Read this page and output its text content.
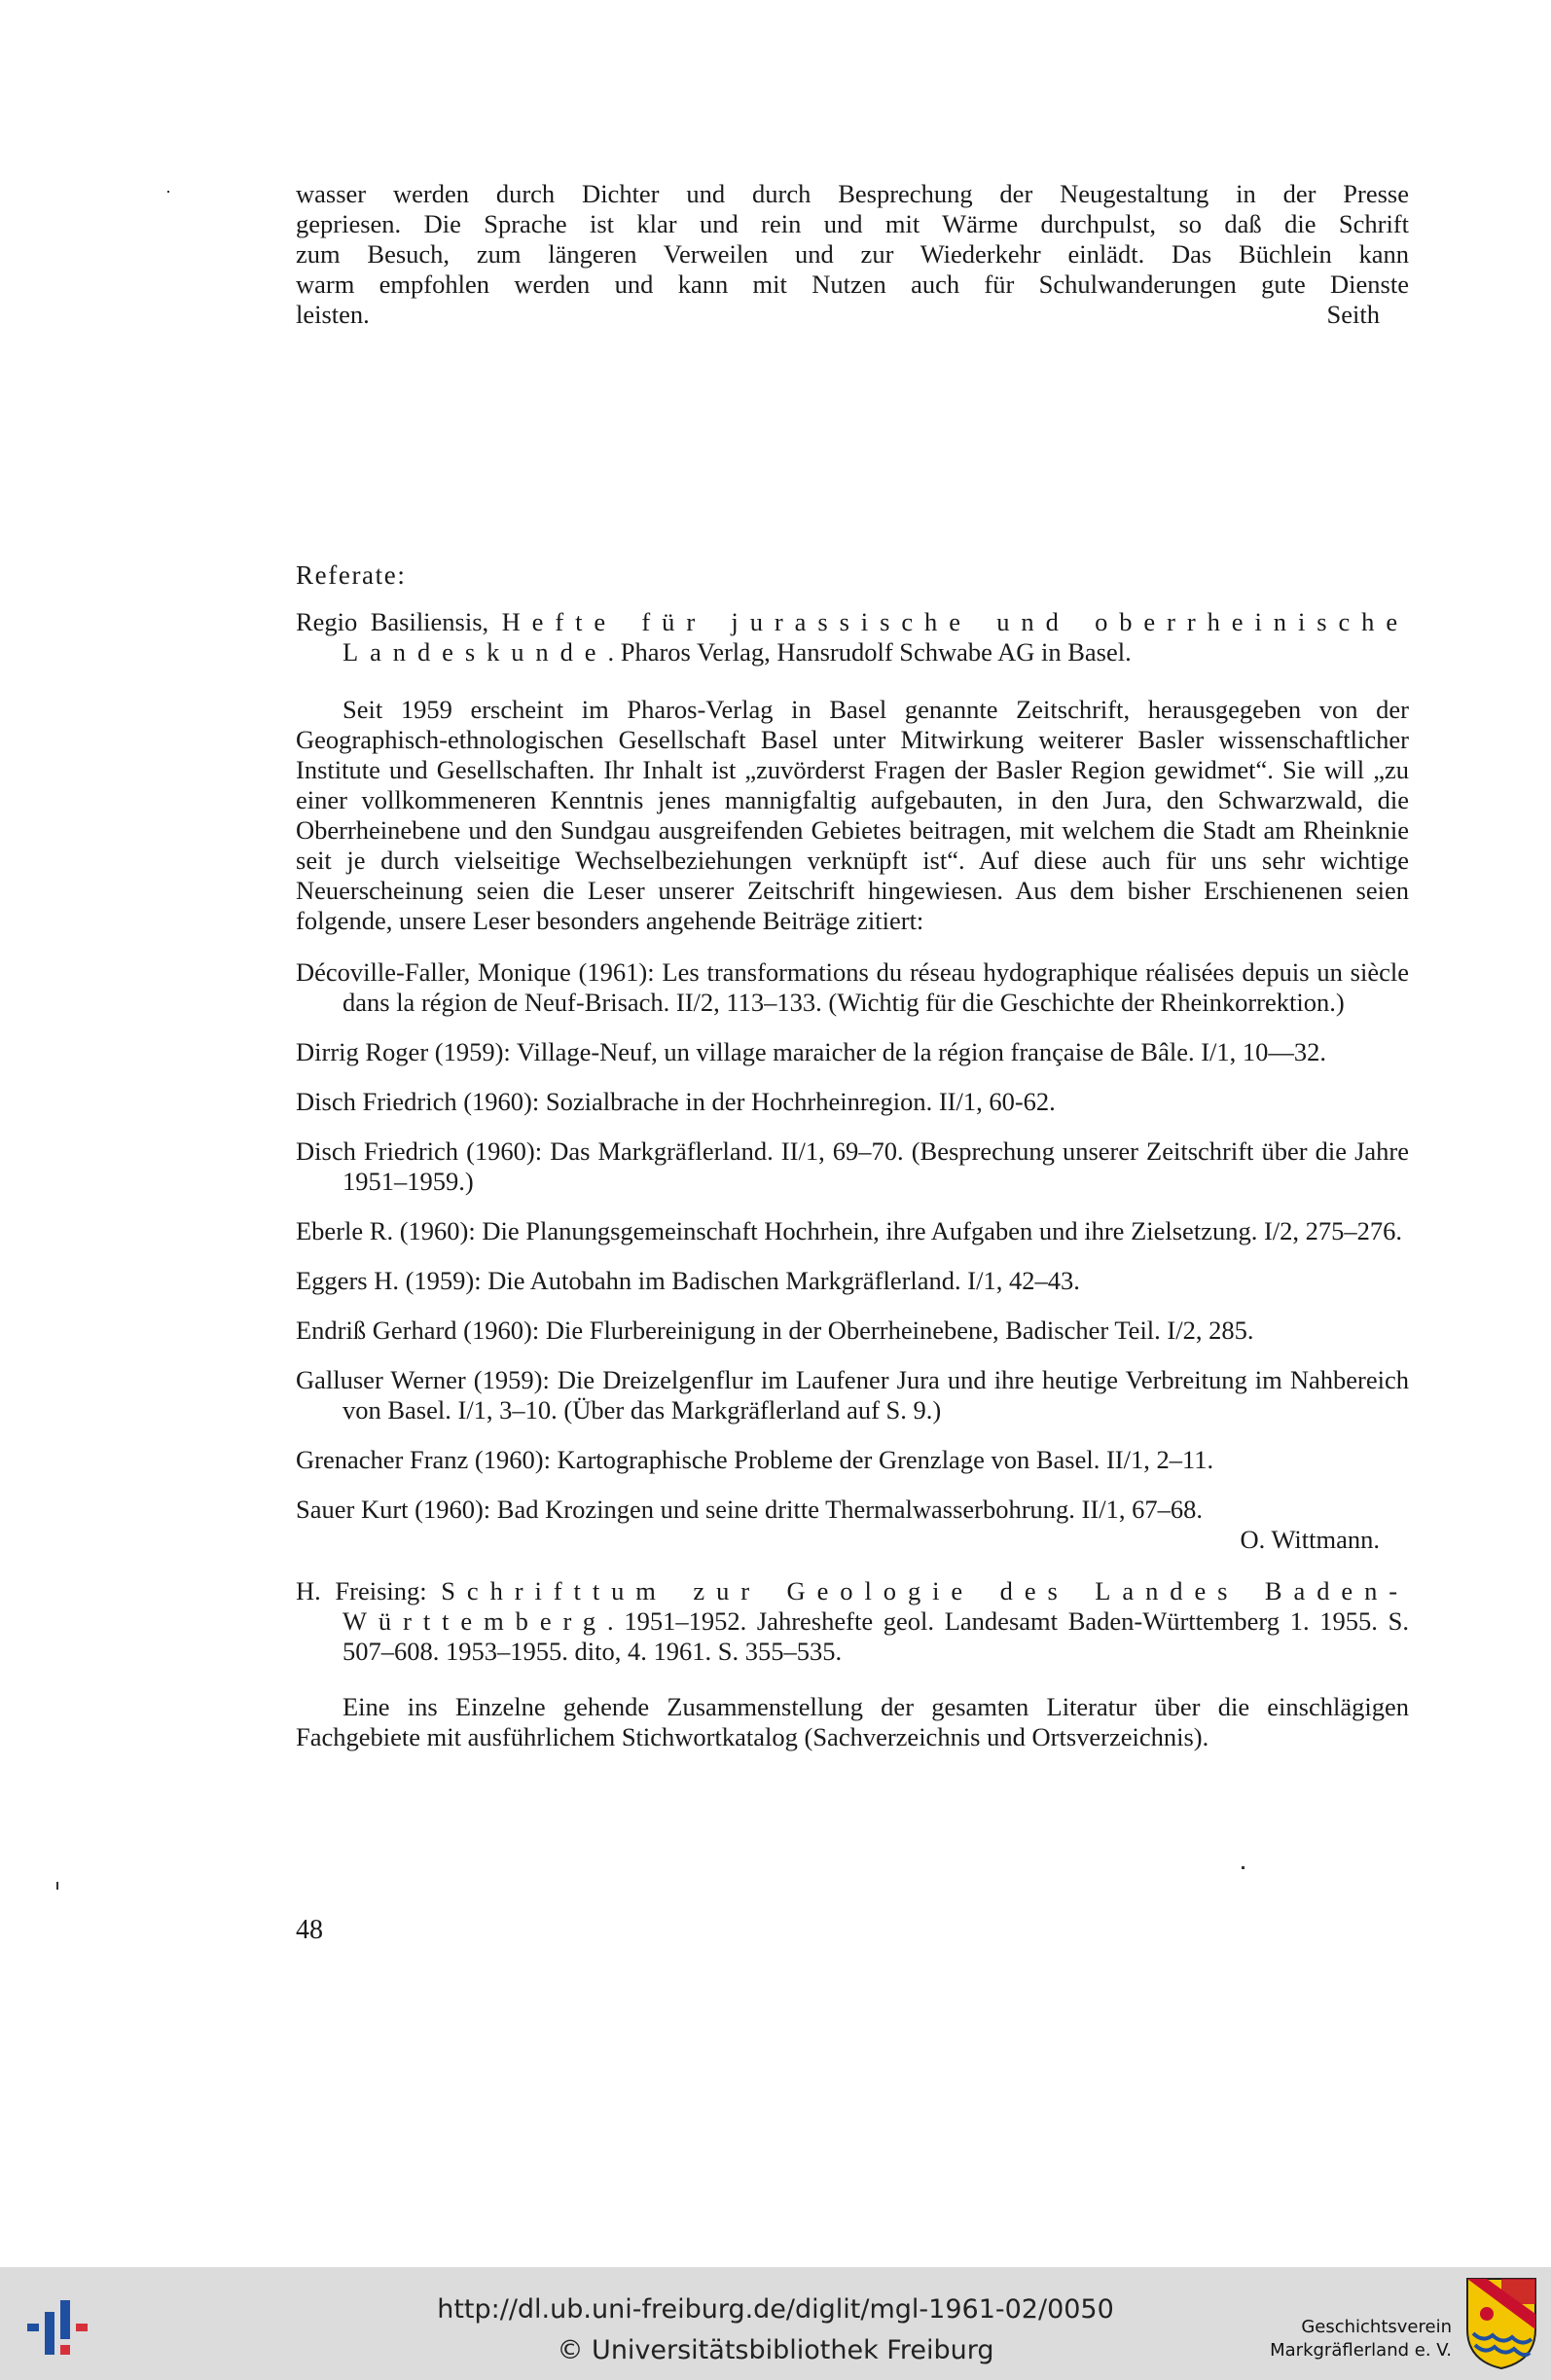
wasser werden durch Dichter und durch Besprechung der Neugestaltung in der Presse
gepriesen. Die Sprache ist klar und rein und mit Wärme durchpulst, so daß die Schrift
zum Besuch, zum längeren Verweilen und zur Wiederkehr einlädt. Das Büchlein kann
warm empfohlen werden und kann mit Nutzen auch für Schulwanderungen gute Dienste
leisten.	Seith
Referate:

Regio Basiliensis, Hefte für jurassische und oberrheinische Landeskunde. Pharos Verlag, Hansrudolf Schwabe AG in Basel.

Seit 1959 erscheint im Pharos-Verlag in Basel genannte Zeitschrift, herausgegeben von der Geographisch-ethnologischen Gesellschaft Basel unter Mitwirkung weiterer Basler wissenschaftlicher Institute und Gesellschaften. Ihr Inhalt ist „zuvörderst Fragen der Basler Region gewidmet“. Sie will „zu einer vollkommeneren Kenntnis jenes mannigfaltig aufgebauten, in den Jura, den Schwarzwald, die Oberrheinebene und den Sundgau ausgreifenden Gebietes beitragen, mit welchem die Stadt am Rheinknie seit je durch vielseitige Wechselbeziehungen verknüpft ist“. Auf diese auch für uns sehr wichtige Neuerscheinung seien die Leser unserer Zeitschrift hingewiesen. Aus dem bisher Erschienenen seien folgende, unsere Leser besonders angehende Beiträge zitiert:

Décoville-Faller, Monique (1961): Les transformations du réseau hydographique réalisées depuis un siècle dans la région de Neuf-Brisach. II/2, 113–133. (Wichtig für die Geschichte der Rheinkorrektion.)

Dirrig Roger (1959): Village-Neuf, un village maraicher de la région française de Bâle. I/1, 10—32.

Disch Friedrich (1960): Sozialbrache in der Hochrheinregion. II/1, 60-62.

Disch Friedrich (1960): Das Markgräflerland. II/1, 69–70. (Besprechung unserer Zeitschrift über die Jahre 1951–1959.)

Eberle R. (1960): Die Planungsgemeinschaft Hochrhein, ihre Aufgaben und ihre Zielsetzung. I/2, 275–276.

Eggers H. (1959): Die Autobahn im Badischen Markgräflerland. I/1, 42–43.

Endriß Gerhard (1960): Die Flurbereinigung in der Oberrheinebene, Badischer Teil. I/2, 285.

Galluser Werner (1959): Die Dreizelgenflur im Laufener Jura und ihre heutige Verbreitung im Nahbereich von Basel. I/1, 3–10. (Über das Markgräflerland auf S. 9.)

Grenacher Franz (1960): Kartographische Probleme der Grenzlage von Basel. II/1, 2–11.

Sauer Kurt (1960): Bad Krozingen und seine dritte Thermalwasserbohrung. II/1, 67–68.

O. Wittmann.

H. Freising: Schrifttum zur Geologie des Landes Baden-Württemberg. 1951–1952. Jahreshefte geol. Landesamt Baden-Württemberg 1. 1955. S. 507–608. 1953–1955. dito, 4. 1961. S. 355–535.

Eine ins Einzelne gehende Zusammenstellung der gesamten Literatur über die einschlägigen Fachgebiete mit ausführlichem Stichwortkatalog (Sachverzeichnis und Ortsverzeichnis).

48
http://dl.ub.uni-freiburg.de/diglit/mgl-1961-02/0050
© Universitätsbibliothek Freiburg
Geschichtsverein
Markgräflerland e. V.
